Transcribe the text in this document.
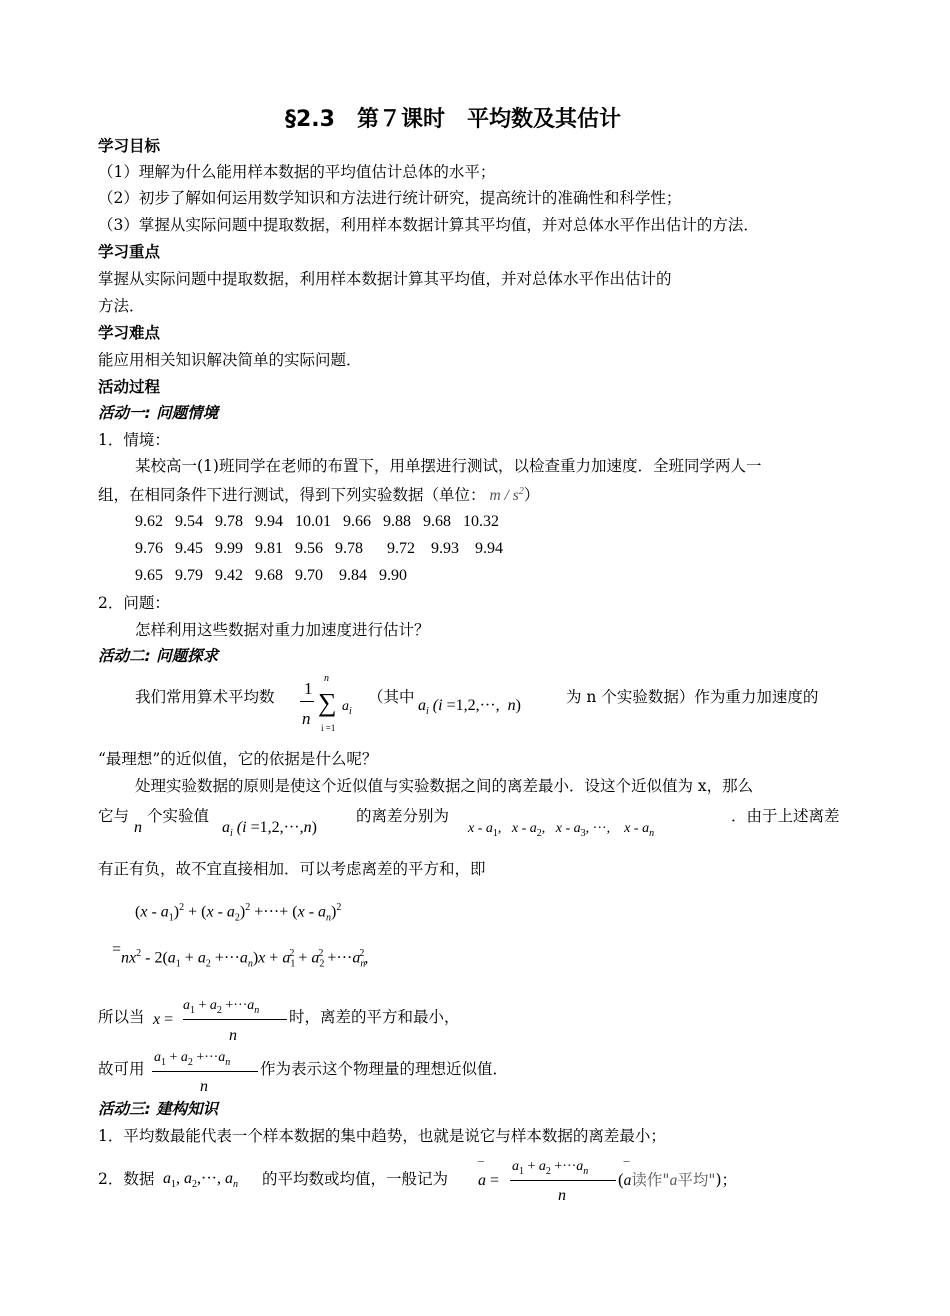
§2.3　第７课时　平均数及其估计
学习目标
（1）理解为什么能用样本数据的平均值估计总体的水平；
（2）初步了解如何运用数学知识和方法进行统计研究，提高统计的准确性和科学性；
（3）掌握从实际问题中提取数据，利用样本数据计算其平均值，并对总体水平作出估计的方法．
学习重点
掌握从实际问题中提取数据，利用样本数据计算其平均值，并对总体水平作出估计的
方法．
学习难点
能应用相关知识解决简单的实际问题．
活动过程
活动一: 问题情境
1．情境：
某校高一(1)班同学在老师的布置下，用单摆进行测试，以检查重力加速度．全班同学两人一
组，在相同条件下进行测试，得到下列实验数据（单位： m / $s^2$）
9.62 9.54 9.78 9.94 10.01 9.66 9.88 9.68 10.32
9.76 9.45 9.99 9.81 9.56 9.78 9.72 9.93 9.94
9.65 9.79 9.42 9.68 9.70 9.84 9.90
2．问题：
怎样利用这些数据对重力加速度进行估计？
活动二: 问题探求
我们常用算术平均数 1
n
∑
n
i =1
$a_i$
（其中 $a_i$ (i =1,2,···,  n)	为 n 个实验数据）作为重力加速度的
“最理想”的近似值，它的依据是什么呢？
处理实验数据的原则是使这个近似值与实验数据之间的离差最小．设这个近似值为 x，那么
它与
n
个实验值
$a_i$ (i =1,2,···,n)
的离差分别为
x - $a_1$,   x - $a_2$,   x - $a_3$, ···,    x - $a_n$
．由于上述离差
有正有负，故不宜直接相加．可以考虑离差的平方和，即
$(x - a_1)^2 + (x - a_2)^2$ +···+ $(x - a_n)^2$
$=nx^2 - 2(a_1 + a_2 +\cdot\cdot\cdot a_n)x + a_1^2 + a_2^2 +\cdot\cdot\cdot a_n^2$,
所以当 x =
$a_1 + a_2 +\cdot\cdot\cdot a_n$
n
时，离差的平方和最小，
故可用
$a_1 + a_2 +\cdot\cdot\cdot a_n$
n
作为表示这个物理量的理想近似值．
活动三: 建构知识
1．平均数最能代表一个样本数据的集中趋势，也就是说它与样本数据的离差最小；
2．数据 $a_1$, $a_2,\cdot\cdot\cdot$, $a_n$ 的平均数或均值，一般记为 a
¯
=
$a_1 + a_2 +\cdot\cdot\cdot a_n$
n
(a
¯
读作"a平均")；
